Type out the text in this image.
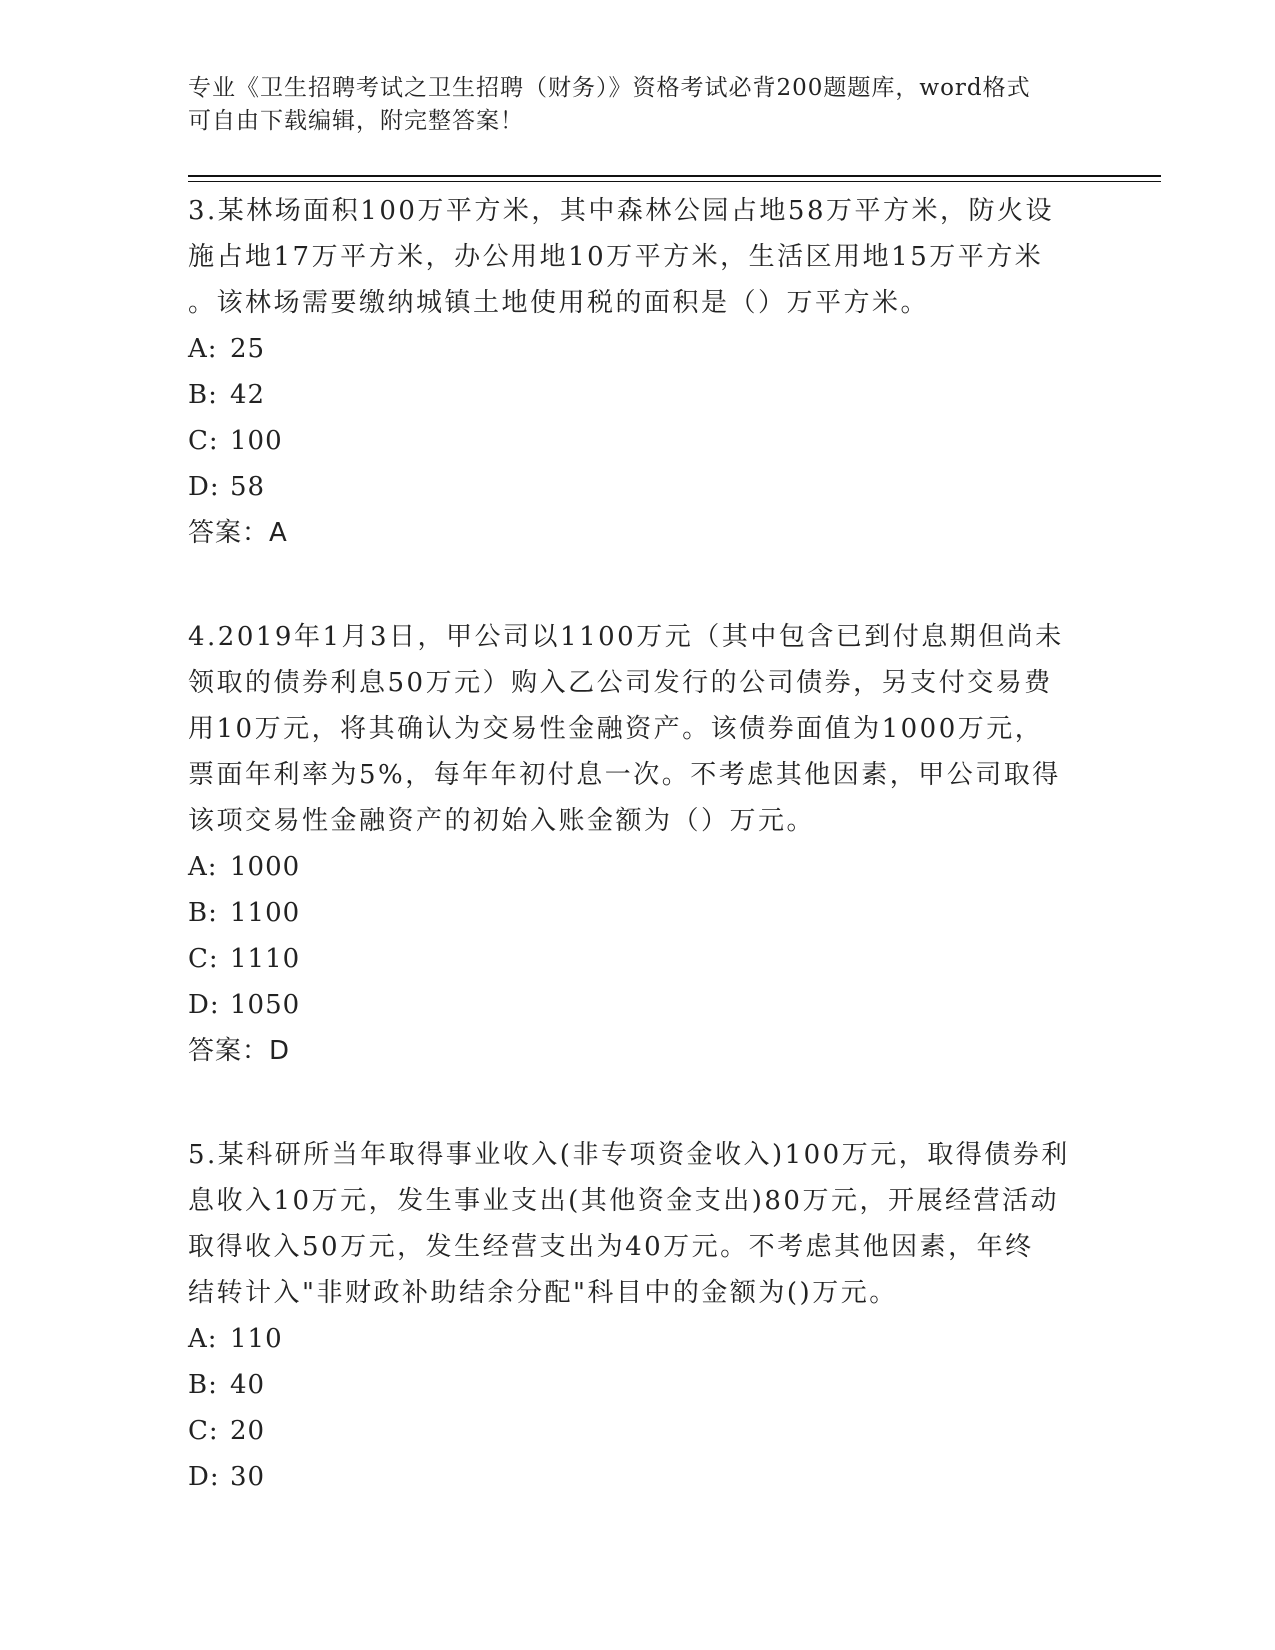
专业《卫生招聘考试之卫生招聘（财务）》资格考试必背200题题库，word格式
可自由下载编辑，附完整答案！
3.某林场面积100万平方米，其中森林公园占地58万平方米，防火设
施占地17万平方米，办公用地10万平方米，生活区用地15万平方米
。该林场需要缴纳城镇土地使用税的面积是（）万平方米。
A: 25
B: 42
C: 100
D: 58
答案：A
4.2019年1月3日，甲公司以1100万元（其中包含已到付息期但尚未
领取的债券利息50万元）购入乙公司发行的公司债券，另支付交易费
用10万元，将其确认为交易性金融资产。该债券面值为1000万元，
票面年利率为5%，每年年初付息一次。不考虑其他因素，甲公司取得
该项交易性金融资产的初始入账金额为（）万元。
A: 1000
B: 1100
C: 1110
D: 1050
答案：D
5.某科研所当年取得事业收入(非专项资金收入)100万元，取得债券利
息收入10万元，发生事业支出(其他资金支出)80万元，开展经营活动
取得收入50万元，发生经营支出为40万元。不考虑其他因素，年终
结转计入"非财政补助结余分配"科目中的金额为()万元。
A: 110
B: 40
C: 20
D: 30
